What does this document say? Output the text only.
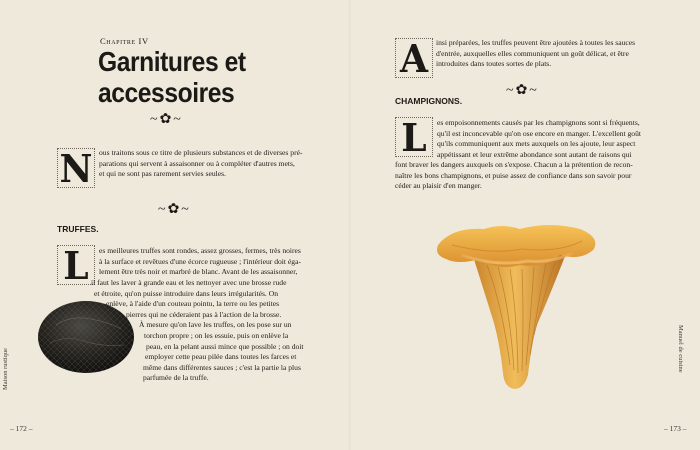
Chapitre IV
Garnitures et accessoires
~✿~
N ous traitons sous ce titre de plusieurs substances et de diverses pré-
parations qui servent à assaisonner ou à compléter d'autres mets,
et qui ne sont pas rarement servies seules.
~✿~
TRUFFES.
L	es meilleures truffes sont rondes, assez grosses, fermes, très noires
à la surface et revêtues d'une écorce rugueuse ; l'intérieur doit éga-
lement être très noir et marbré de blanc. Avant de les assaisonner,
il faut les laver à grande eau et les nettoyer avec une brosse rude
et étroite, qu'on puisse introduire dans leurs irrégularités. On
enlève, à l'aide d'un couteau pointu, la terre ou les petites
pierres qui ne céderaient pas à l'action de la brosse.
À mesure qu'on lave les truffes, on les pose sur un
torchon propre ; on les essuie, puis on enlève la
peau, en la pelant aussi mince que possible ; on doit
employer cette peau pilée dans toutes les farces et
même dans différentes sauces ; c'est la partie la plus
parfumée de la truffe.
Maison rustique
– 172 –
A	insi préparées, les truffes peuvent être ajoutées à toutes les sauces
d'entrée, auxquelles elles communiquent un goût délicat, et être
introduites dans toutes sortes de plats.
~✿~
CHAMPIGNONS.
L	es empoisonnements causés par les champignons sont si fréquents,
qu'il est inconcevable qu'on ose encore en manger. L'excellent goût
qu'ils communiquent aux mets auxquels on les ajoute, leur aspect
appétissant et leur extrême abondance sont autant de raisons qui
font braver les dangers auxquels on s'expose. Chacun a la prétention de recon-
naître les bons champignons, et puise assez de confiance dans son savoir pour
céder au plaisir d'en manger.
Manuel de cuisine
– 173 –
